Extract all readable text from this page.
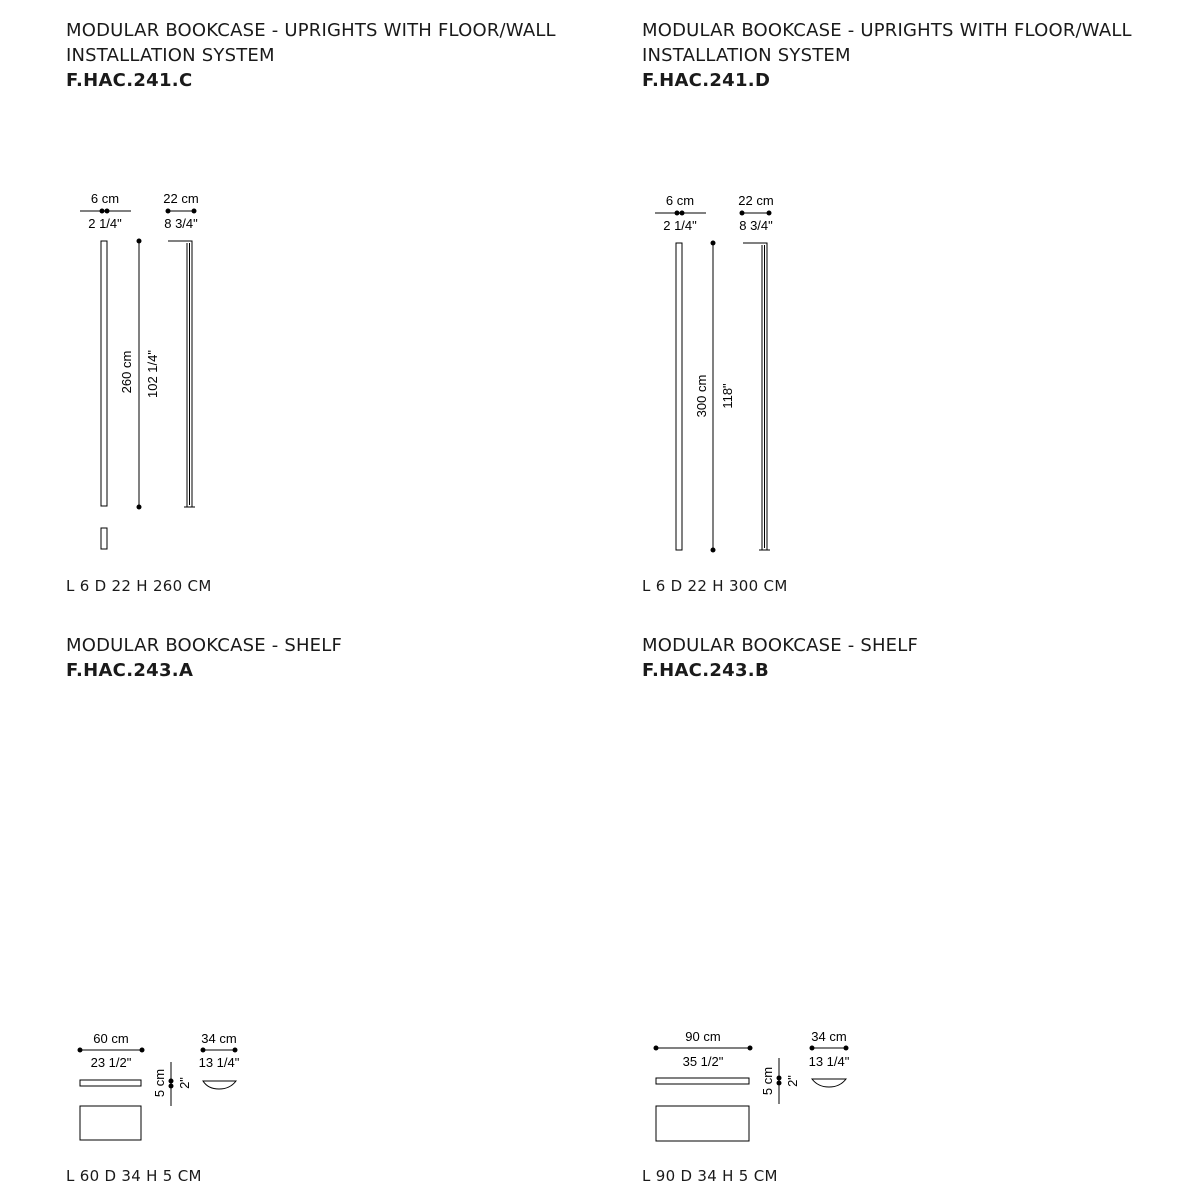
MODULAR BOOKCASE - UPRIGHTS WITH FLOOR/WALL

INSTALLATION SYSTEM

F.HAC.241.C

L 6 D 22 H 260 CM

MODULAR BOOKCASE - UPRIGHTS WITH FLOOR/WALL

INSTALLATION SYSTEM

F.HAC.241.D

L 6 D 22 H 300 CM

MODULAR BOOKCASE - SHELF

F.HAC.243.A

L 60 D 34 H 5 CM

MODULAR BOOKCASE - SHELF

F.HAC.243.B

L 90 D 34 H 5 CM
6 cm
2 1/4"
22 cm
8 3/4"
260 cm 102 1/4"
6 cm
2 1/4"
22 cm
8 3/4"
300 cm 118"
60 cm
23 1/2"
34 cm
13 1/4"
5 cm 2"
90 cm
35 1/2"
34 cm
13 1/4"
5 cm 2"
